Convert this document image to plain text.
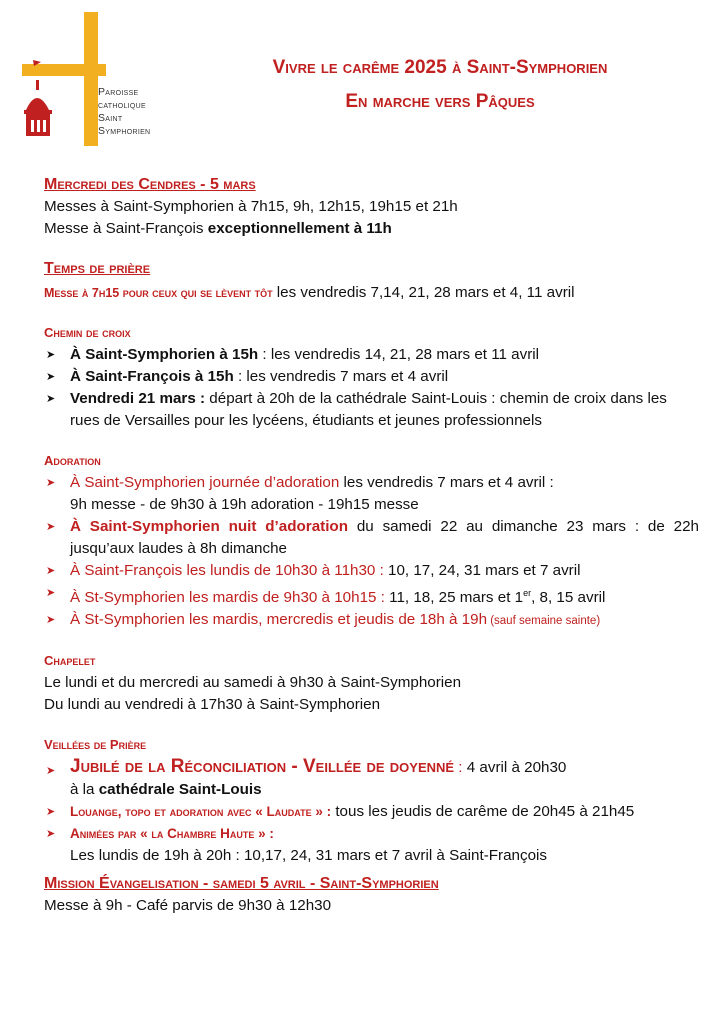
Paroisse
catholique
Saint
Symphorien
Vivre le carême 2025 à Saint-Symphorien
En marche vers Pâques
Mercredi des Cendres - 5 mars
Messes à Saint-Symphorien à 7h15, 9h, 12h15, 19h15 et 21h
Messe à Saint-François exceptionnellement à 11h
Temps de prière
Messe à 7h15 pour ceux qui se lèvent tôt les vendredis 7,14, 21, 28 mars et 4, 11 avril
Chemin de croix
➤ À Saint-Symphorien à 15h : les vendredis 14, 21, 28 mars et 11 avril
➤ À Saint-François à 15h : les vendredis 7 mars et 4 avril
➤ Vendredi 21 mars : départ à 20h de la cathédrale Saint-Louis : chemin de croix dans les rues de Versailles pour les lycéens, étudiants et jeunes professionnels
Adoration
➤ À Saint-Symphorien journée d’adoration les vendredis 7 mars et 4 avril :
9h messe - de 9h30 à 19h adoration - 19h15 messe
➤ À Saint-Symphorien nuit d’adoration du samedi 22 au dimanche 23 mars : de 22h jusqu’aux laudes à 8h dimanche
➤ À Saint-François les lundis de 10h30 à 11h30 : 10, 17, 24, 31 mars et 7 avril
➤ À St-Symphorien les mardis de 9h30 à 10h15 : 11, 18, 25 mars et 1er, 8, 15 avril
➤ À St-Symphorien les mardis, mercredis et jeudis de 18h à 19h (sauf semaine sainte)
Chapelet
Le lundi et du mercredi au samedi à 9h30 à Saint-Symphorien
Du lundi au vendredi à 17h30 à Saint-Symphorien
Veillées de Prière
➤ Jubilé de la Réconciliation - Veillée de doyenné : 4 avril à 20h30
à la cathédrale Saint-Louis
➤ Louange, topo et adoration avec « Laudate » : tous les jeudis de carême de 20h45 à 21h45
➤ Animées par « la Chambre Haute » :
Les lundis de 19h à 20h : 10,17, 24, 31 mars et 7 avril à Saint-François
Mission Évangelisation - samedi 5 avril - Saint-Symphorien
Messe à 9h - Café parvis de 9h30 à 12h30
